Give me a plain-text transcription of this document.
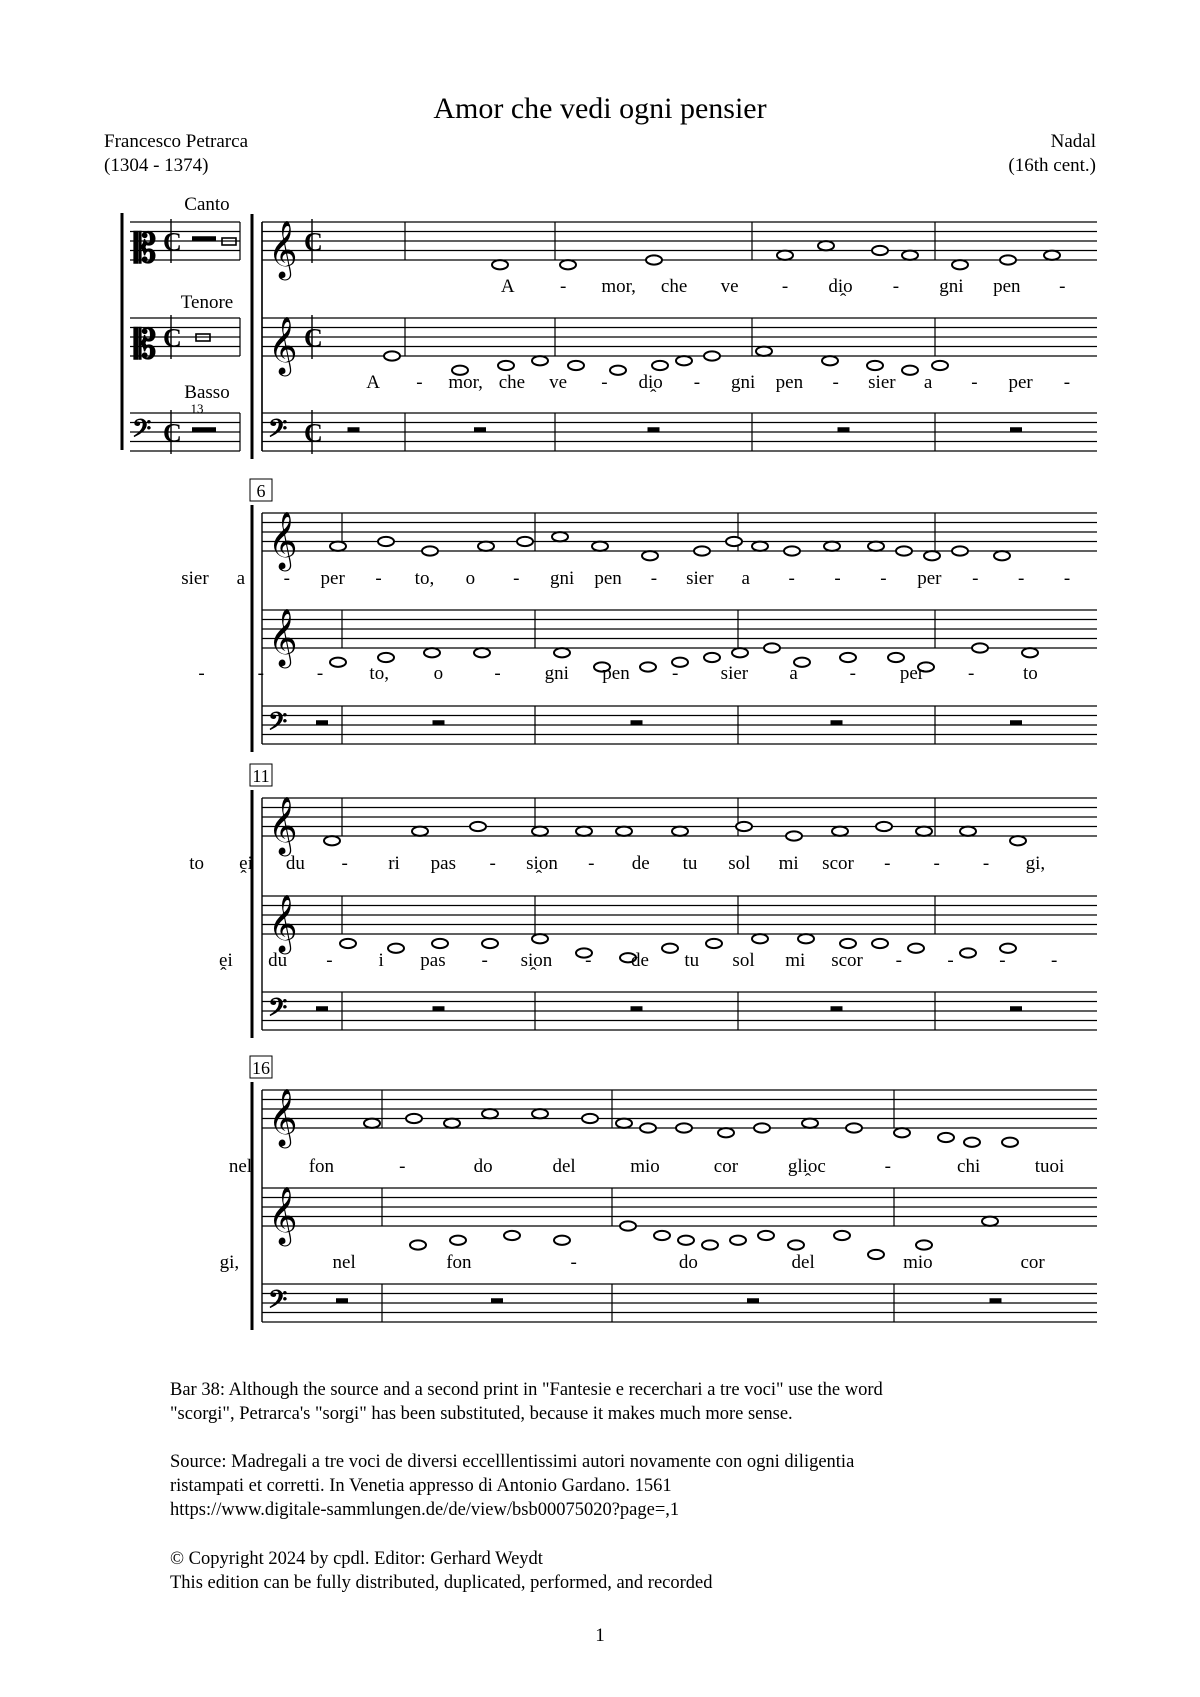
Amor che vedi ogni pensier
Francesco Petrarca
(1304 - 1374)
Nadal
(16th cent.)
Canto
Tenore
Basso
13
𝄡 C
𝄡 C
𝄢 C
𝄞 C
𝄞 C
𝄢 C
𝄞
𝄞
𝄢
6
𝄞
𝄞
𝄢
11
𝄞
𝄞
𝄢
16
A - mor, che ve - di̭o - gni pen -
A - mor, che ve - di̭o - gni pen - sier a - per -
sier a - per - to, o - gni pen - sier a - - - per - - -
-	-	- to, o	- gni pen - sier a	- per -	to
to ḙi du - ri pas - si̭on - de tu sol mi scor - - - gi,
ḙi du - i pas - si̭on - de tu sol mi scor - - - -
nel	fon	-	do	del	mio	cor	gli̭oc	-	chi	tuoi
gi,	nel	fon	-	do	del	mio	cor
Bar 38: Although the source and a second print in "Fantesie e recerchari a tre voci" use the word
"scorgi", Petrarca's "sorgi" has been substituted, because it makes much more sense.
Source: Madregali a tre voci de diversi eccelllentissimi autori novamente con ogni diligentia
ristampati et corretti. In Venetia appresso di Antonio Gardano. 1561
https://www.digitale-sammlungen.de/de/view/bsb00075020?page=,1
© Copyright 2024 by cpdl. Editor: Gerhard Weydt
This edition can be fully distributed, duplicated, performed, and recorded
1
